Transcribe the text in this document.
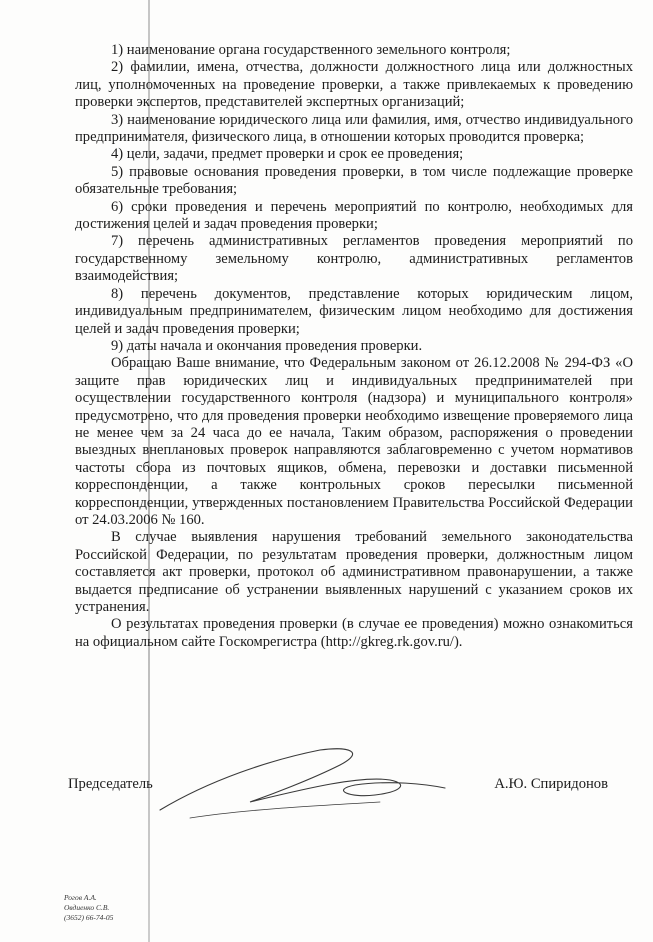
1) наименование органа государственного земельного контроля;

2) фамилии, имена, отчества, должности должностного лица или должностных лиц, уполномоченных на проведение проверки, а также привлекаемых к проведению проверки экспертов, представителей экспертных организаций;

3) наименование юридического лица или фамилия, имя, отчество индивидуального предпринимателя, физического лица, в отношении которых проводится проверка;

4) цели, задачи, предмет проверки и срок ее проведения;

5) правовые основания проведения проверки, в том числе подлежащие проверке обязательные требования;

6) сроки проведения и перечень мероприятий по контролю, необходимых для достижения целей и задач проведения проверки;

7) перечень административных регламентов проведения мероприятий по государственному земельному контролю, административных регламентов взаимодействия;

8) перечень документов, представление которых юридическим лицом, индивидуальным предпринимателем, физическим лицом необходимо для достижения целей и задач проведения проверки;

9) даты начала и окончания проведения проверки.

Обращаю Ваше внимание, что Федеральным законом от 26.12.2008 № 294-ФЗ «О защите прав юридических лиц и индивидуальных предпринимателей при осуществлении государственного контроля (надзора) и муниципального контроля» предусмотрено, что для проведения проверки необходимо извещение проверяемого лица не менее чем за 24 часа до ее начала, Таким образом, распоряжения о проведении выездных внеплановых проверок направляются заблаговременно с учетом нормативов частоты сбора из почтовых ящиков, обмена, перевозки и доставки письменной корреспонденции, а также контрольных сроков пересылки письменной корреспонденции, утвержденных постановлением Правительства Российской Федерации от 24.03.2006 № 160.

В случае выявления нарушения требований земельного законодательства Российской Федерации, по результатам проведения проверки, должностным лицом составляется акт проверки, протокол об административном правонарушении, а также выдается предписание об устранении выявленных нарушений с указанием сроков их устранения.

О результатах проведения проверки (в случае ее проведения) можно ознакомиться на официальном сайте Госкомрегистра (http://gkreg.rk.gov.ru/).

Председатель	А.Ю. Спиридонов
Рогов А.А.
Овдиенко С.В.
(3652) 66-74-05
